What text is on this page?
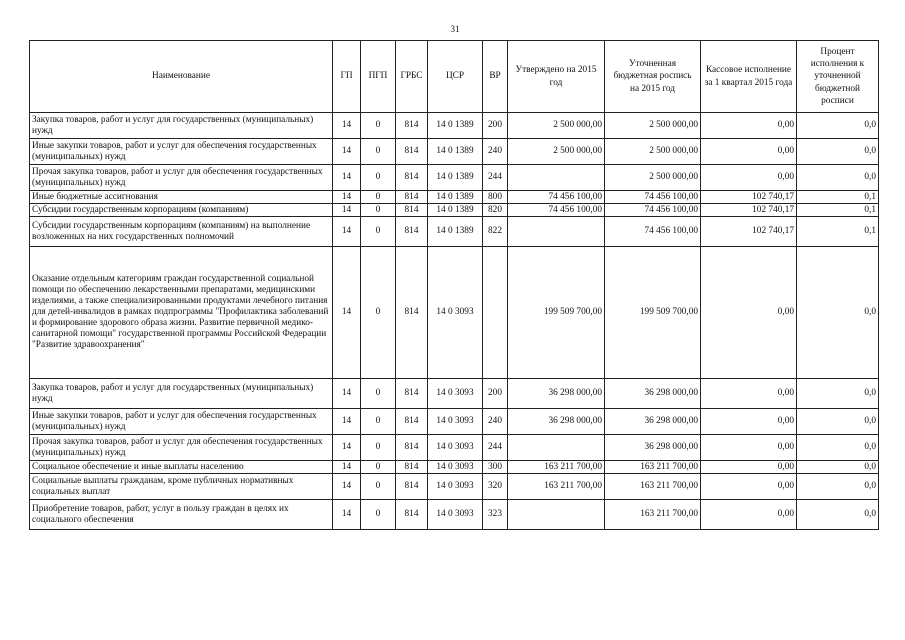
31
Наименование	ГП	ПГП	ГРБС	ЦСР	ВР	Утверждено на 2015 год	Уточненная бюджетная роспись на 2015 год	Кассовое исполнение за 1 квартал 2015 года	Процент исполнения к уточненной бюджетной росписи
Закупка товаров, работ и услуг для государственных (муниципальных) нужд	14	0	814	14 0 1389	200	2 500 000,00	2 500 000,00	0,00	0,0
Иные закупки товаров, работ и услуг для обеспечения государственных (муниципальных) нужд	14	0	814	14 0 1389	240	2 500 000,00	2 500 000,00	0,00	0,0
Прочая закупка товаров, работ и услуг для обеспечения государственных (муниципальных) нужд	14	0	814	14 0 1389	244		2 500 000,00	0,00	0,0
Иные бюджетные ассигнования	14	0	814	14 0 1389	800	74 456 100,00	74 456 100,00	102 740,17	0,1
Субсидии государственным корпорациям (компаниям)	14	0	814	14 0 1389	820	74 456 100,00	74 456 100,00	102 740,17	0,1
Субсидии государственным корпорациям (компаниям) на выполнение возложенных на них государственных полномочий	14	0	814	14 0 1389	822		74 456 100,00	102 740,17	0,1
Оказание отдельным категориям граждан государственной социальной помощи по обеспечению лекарственными препаратами, медицинскими изделиями, а также специализированными продуктами лечебного питания для детей-инвалидов в рамках подпрограммы "Профилактика заболеваний и формирование здорового образа жизни. Развитие первичной медико-санитарной помощи" государственной программы Российской Федерации "Развитие здравоохранения"	14	0	814	14 0 3093		199 509 700,00	199 509 700,00	0,00	0,0
Закупка товаров, работ и услуг для государственных (муниципальных) нужд	14	0	814	14 0 3093	200	36 298 000,00	36 298 000,00	0,00	0,0
Иные закупки товаров, работ и услуг для обеспечения государственных (муниципальных) нужд	14	0	814	14 0 3093	240	36 298 000,00	36 298 000,00	0,00	0,0
Прочая закупка товаров, работ и услуг для обеспечения государственных (муниципальных) нужд	14	0	814	14 0 3093	244		36 298 000,00	0,00	0,0
Социальное обеспечение и иные выплаты населению	14	0	814	14 0 3093	300	163 211 700,00	163 211 700,00	0,00	0,0
Социальные выплаты гражданам, кроме публичных нормативных социальных выплат	14	0	814	14 0 3093	320	163 211 700,00	163 211 700,00	0,00	0,0
Приобретение товаров, работ, услуг в пользу граждан в целях их социального обеспечения	14	0	814	14 0 3093	323		163 211 700,00	0,00	0,0
